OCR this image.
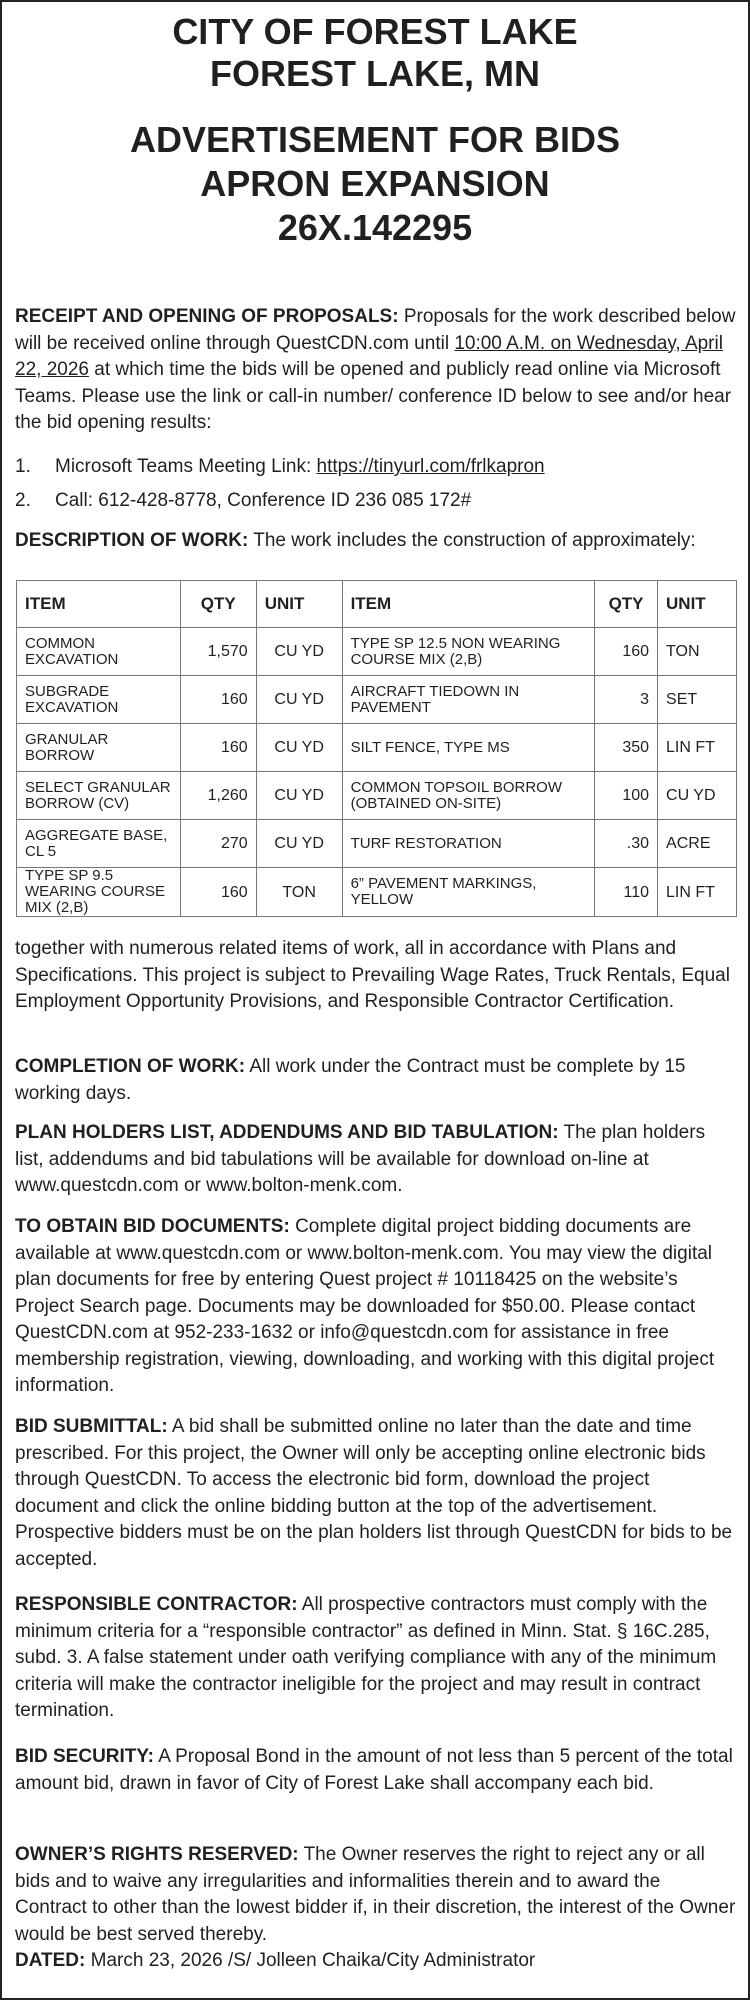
CITY OF FOREST LAKE
FOREST LAKE, MN
ADVERTISEMENT FOR BIDS
APRON EXPANSION
26X.142295
RECEIPT AND OPENING OF PROPOSALS: Proposals for the work described below will be received online through QuestCDN.com until 10:00 A.M. on Wednesday, April 22, 2026 at which time the bids will be opened and publicly read online via Microsoft Teams. Please use the link or call-in number/ conference ID below to see and/or hear the bid opening results:
1. Microsoft Teams Meeting Link: https://tinyurl.com/frlkapron
2. Call: 612-428-8778, Conference ID 236 085 172#
DESCRIPTION OF WORK: The work includes the construction of approximately:
ITEM	QTY	UNIT	ITEM	QTY	UNIT
COMMON EXCAVATION	1,570	CU YD	TYPE SP 12.5 NON WEARING COURSE MIX (2,B)	160	TON
SUBGRADE EXCAVATION	160	CU YD	AIRCRAFT TIEDOWN IN PAVEMENT	3	SET
GRANULAR BORROW	160	CU YD	SILT FENCE, TYPE MS	350	LIN FT
SELECT GRANULAR BORROW (CV)	1,260	CU YD	COMMON TOPSOIL BORROW (OBTAINED ON-SITE)	100	CU YD
AGGREGATE BASE, CL 5	270	CU YD	TURF RESTORATION	.30	ACRE
TYPE SP 9.5 WEARING COURSE MIX (2,B)	160	TON	6” PAVEMENT MARKINGS, YELLOW	110	LIN FT
together with numerous related items of work, all in accordance with Plans and Specifications. This project is subject to Prevailing Wage Rates, Truck Rentals, Equal Employment Opportunity Provisions, and Responsible Contractor Certification.
COMPLETION OF WORK: All work under the Contract must be complete by 15 working days.
PLAN HOLDERS LIST, ADDENDUMS AND BID TABULATION: The plan holders list, addendums and bid tabulations will be available for download on-line at www.questcdn.com or www.bolton-menk.com.
TO OBTAIN BID DOCUMENTS: Complete digital project bidding documents are available at www.questcdn.com or www.bolton-menk.com. You may view the digital plan documents for free by entering Quest project # 10118425 on the website’s Project Search page. Documents may be downloaded for $50.00. Please contact QuestCDN.com at 952-233-1632 or info@questcdn.com for assistance in free membership registration, viewing, downloading, and working with this digital project information.
BID SUBMITTAL: A bid shall be submitted online no later than the date and time prescribed. For this project, the Owner will only be accepting online electronic bids through QuestCDN. To access the electronic bid form, download the project document and click the online bidding button at the top of the advertisement. Prospective bidders must be on the plan holders list through QuestCDN for bids to be accepted.
RESPONSIBLE CONTRACTOR: All prospective contractors must comply with the minimum criteria for a “responsible contractor” as defined in Minn. Stat. § 16C.285, subd. 3. A false statement under oath verifying compliance with any of the minimum criteria will make the contractor ineligible for the project and may result in contract termination.
BID SECURITY: A Proposal Bond in the amount of not less than 5 percent of the total amount bid, drawn in favor of City of Forest Lake shall accompany each bid.
OWNER’S RIGHTS RESERVED: The Owner reserves the right to reject any or all bids and to waive any irregularities and informalities therein and to award the Contract to other than the lowest bidder if, in their discretion, the interest of the Owner would be best served thereby.
DATED: March 23, 2026 /S/ Jolleen Chaika/City Administrator
